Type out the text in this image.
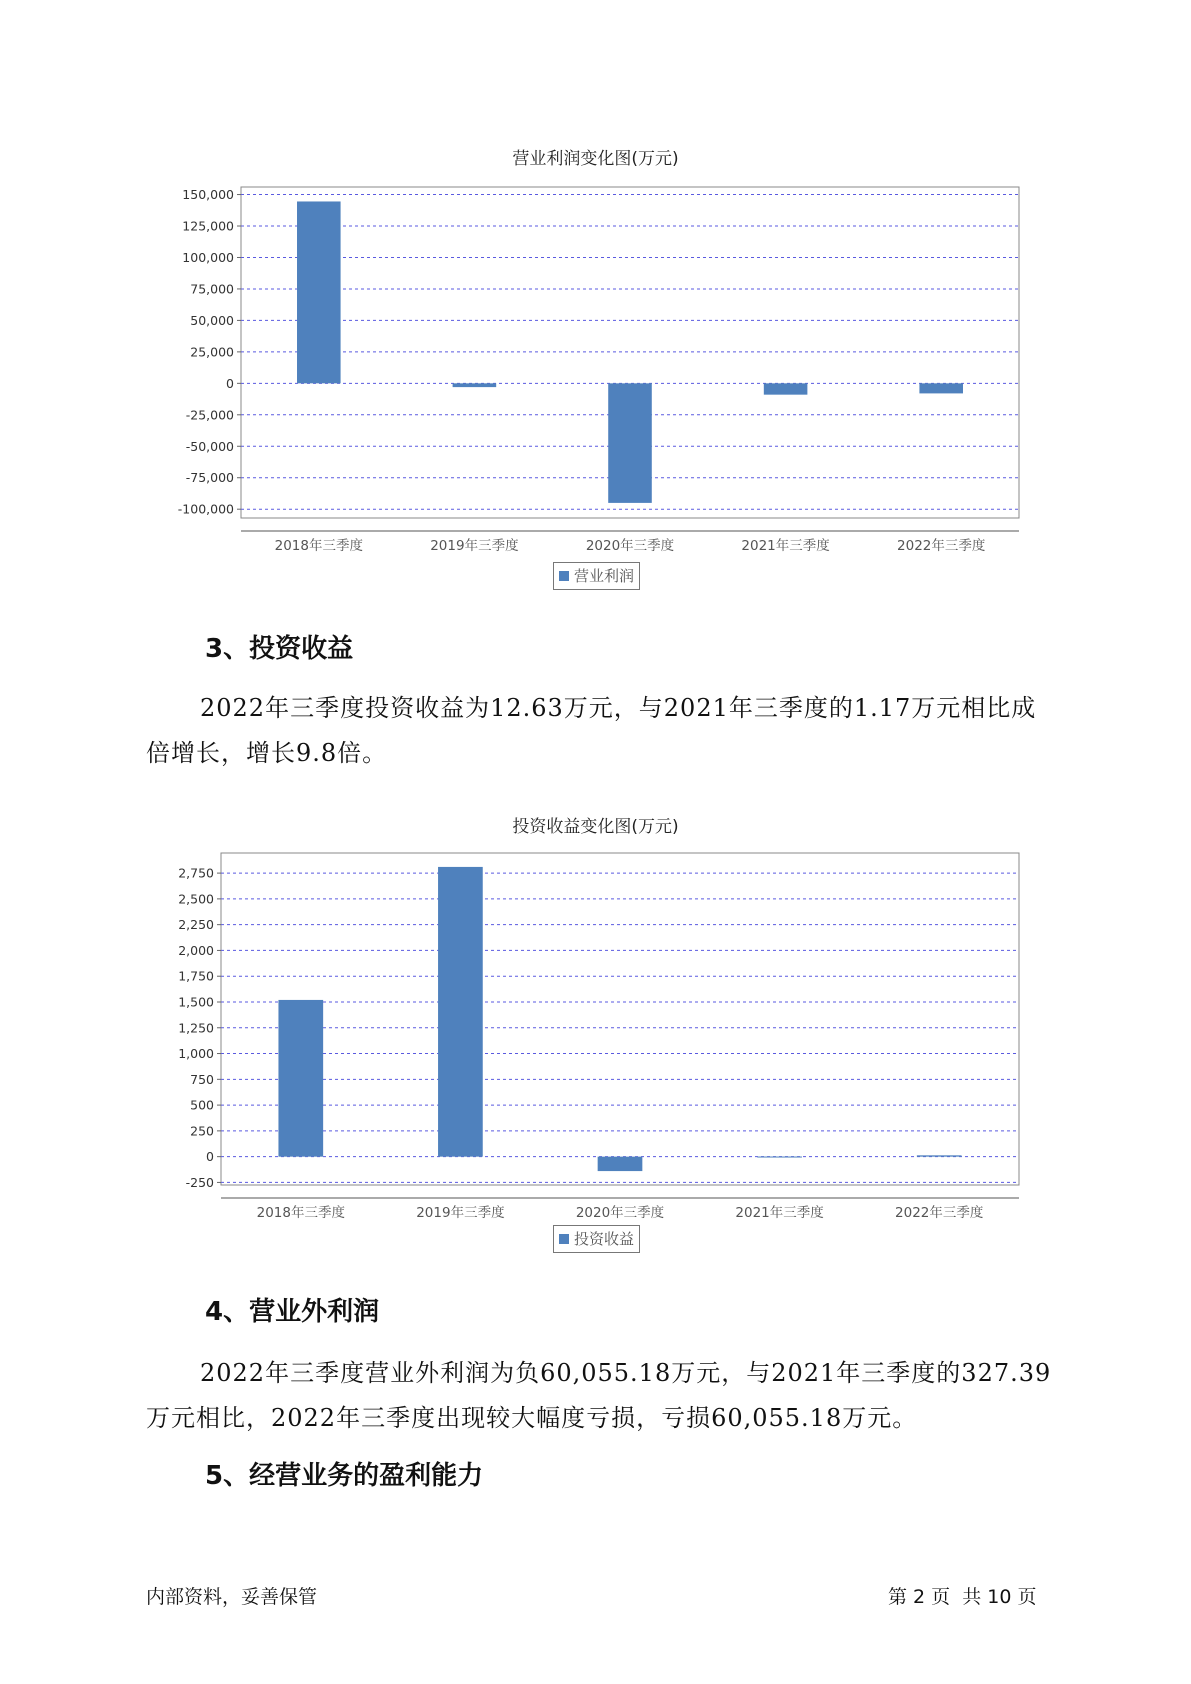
营业利润变化图(万元)
150,000
125,000
100,000
75,000
50,000
25,000
0
-25,000
-50,000
-75,000
-100,000
2018年三季度	2019年三季度	2020年三季度	2021年三季度	2022年三季度
营业利润
3、投资收益

2022年三季度投资收益为12.63万元，与2021年三季度的1.17万元相比成倍增长，增长9.8倍。

投资收益变化图(万元)
2,750
2,500
2,250
2,000
1,750
1,500
1,250
1,000
750
500
250
0
-250
2018年三季度	2019年三季度	2020年三季度	2021年三季度	2022年三季度
投资收益
4、营业外利润

2022年三季度营业外利润为负60,055.18万元，与2021年三季度的327.39万元相比，2022年三季度出现较大幅度亏损，亏损60,055.18万元。

5、经营业务的盈利能力
内部资料，妥善保管	第 2 页  共 10 页
